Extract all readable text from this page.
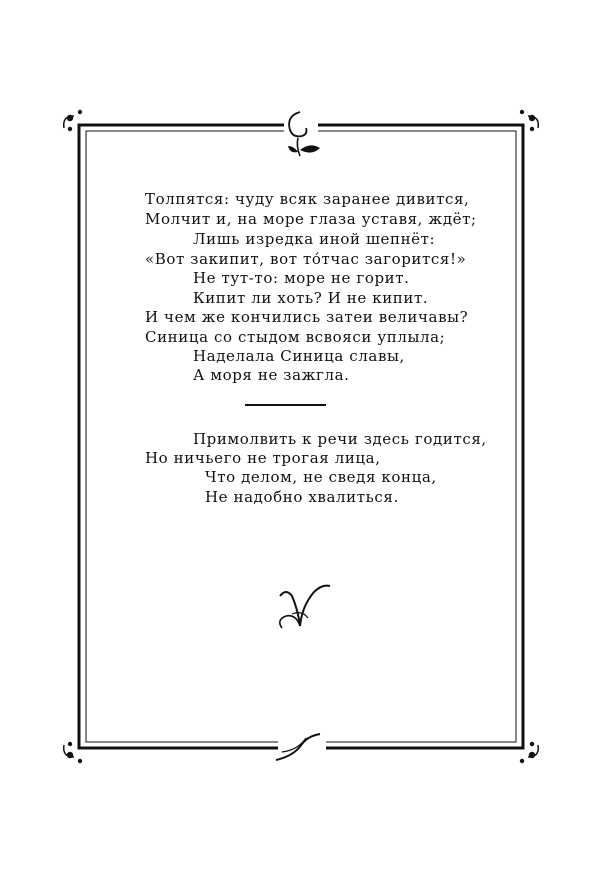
Толпятся: чуду всяк заранее дивится,
Молчит и, на море глаза уставя, ждёт;
Лишь изредка иной шепнёт:
«Вот закипит, вот то́тчас загорится!»
Не тут-то: море не горит.
Кипит ли хоть? И не кипит.
И чем же кончились затеи величавы?
Синица со стыдом всвояси уплыла;
Наделала Синица славы,
А моря не зажгла.
Примолвить к речи здесь годится,
Но ничьего не трогая лица,
Что делом, не сведя конца,
Не надобно хвалиться.
